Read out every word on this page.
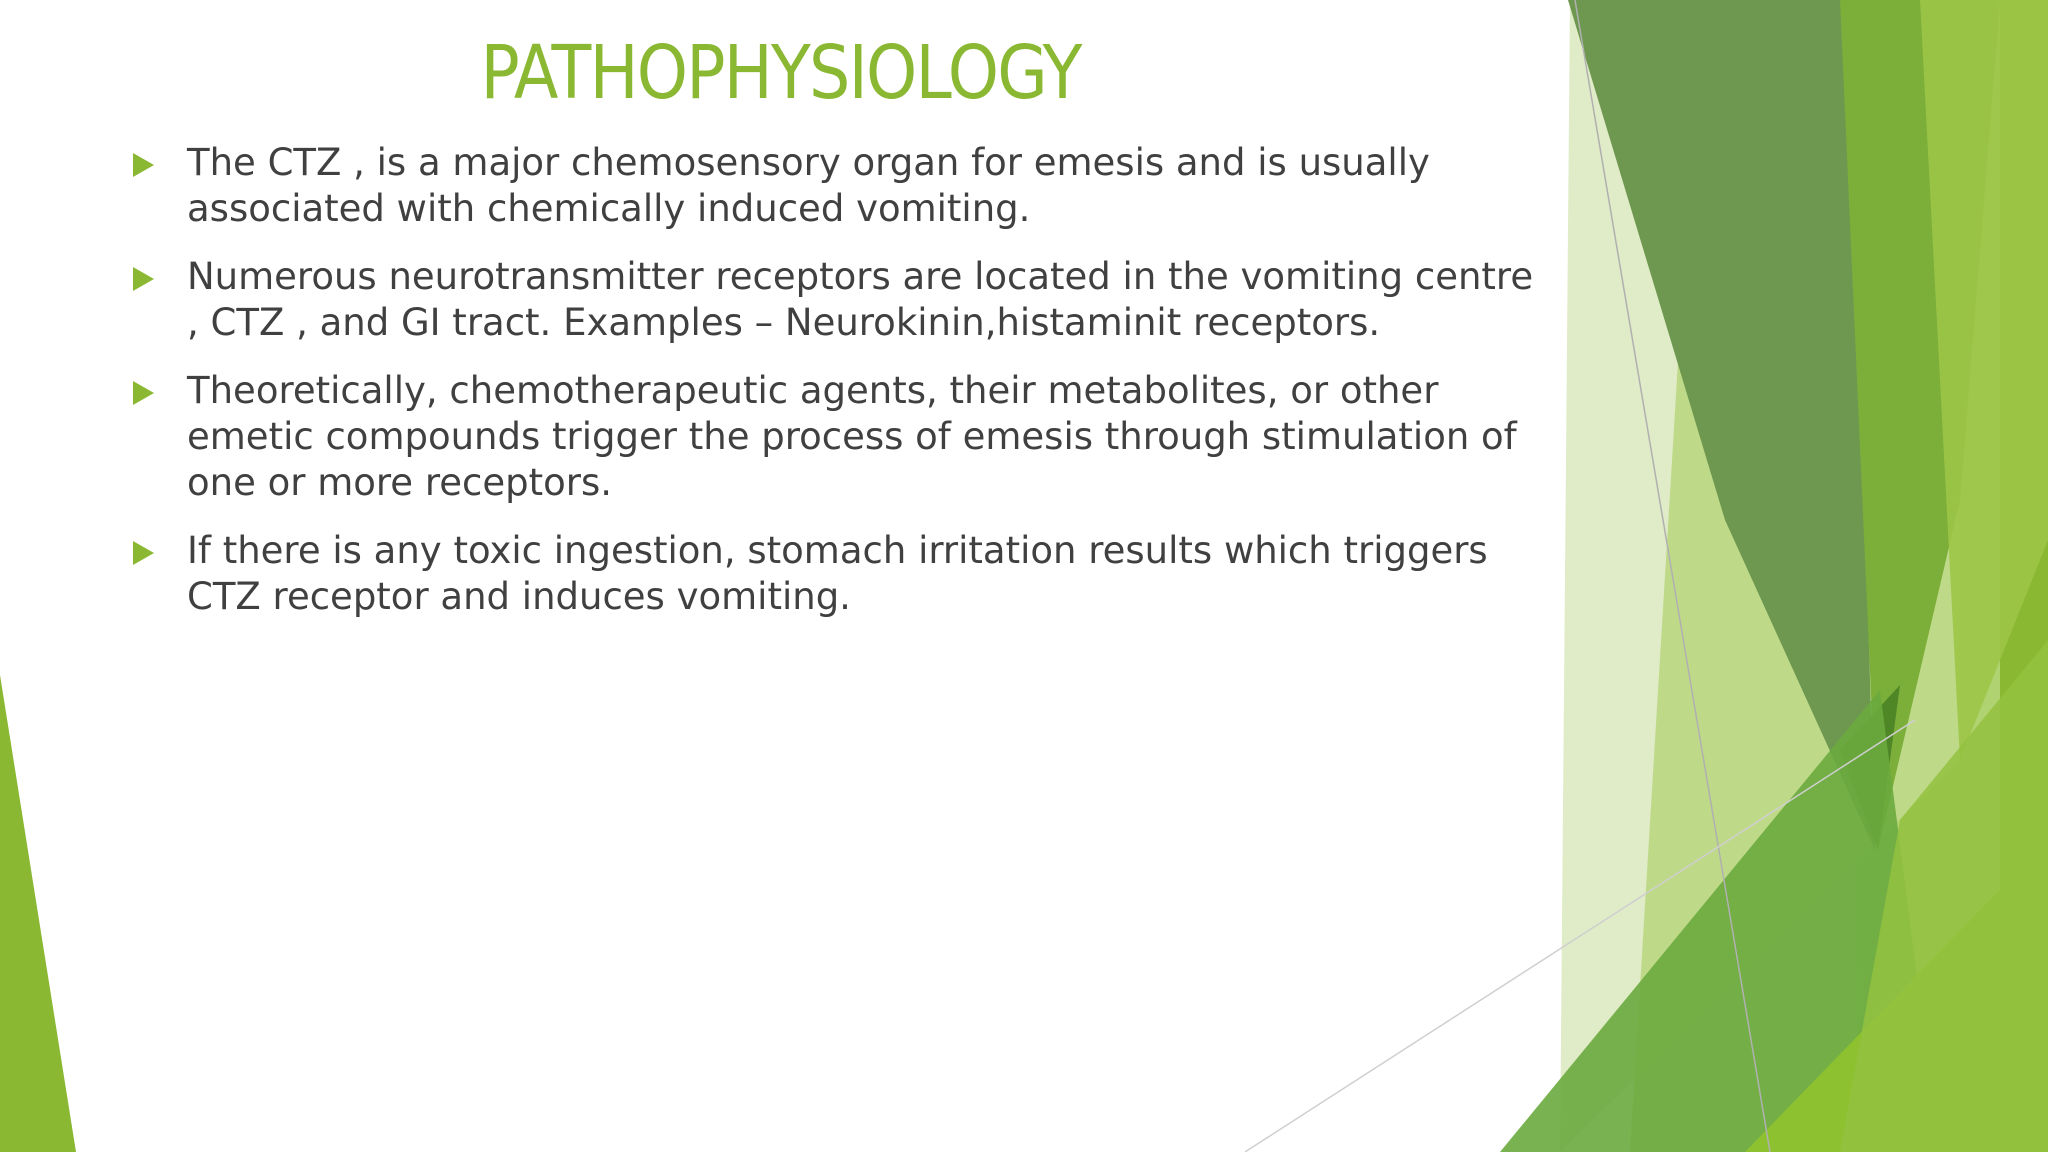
PATHOPHYSIOLOGY
The CTZ , is a major chemosensory organ for emesis and is usually associated with chemically induced vomiting.
Numerous neurotransmitter receptors are located in the vomiting centre , CTZ , and GI tract. Examples – Neurokinin,histaminit receptors.
Theoretically, chemotherapeutic agents, their metabolites, or other emetic compounds trigger the process of emesis through stimulation of one or more receptors.
If there is any toxic ingestion, stomach irritation results which triggers CTZ receptor and induces vomiting.
